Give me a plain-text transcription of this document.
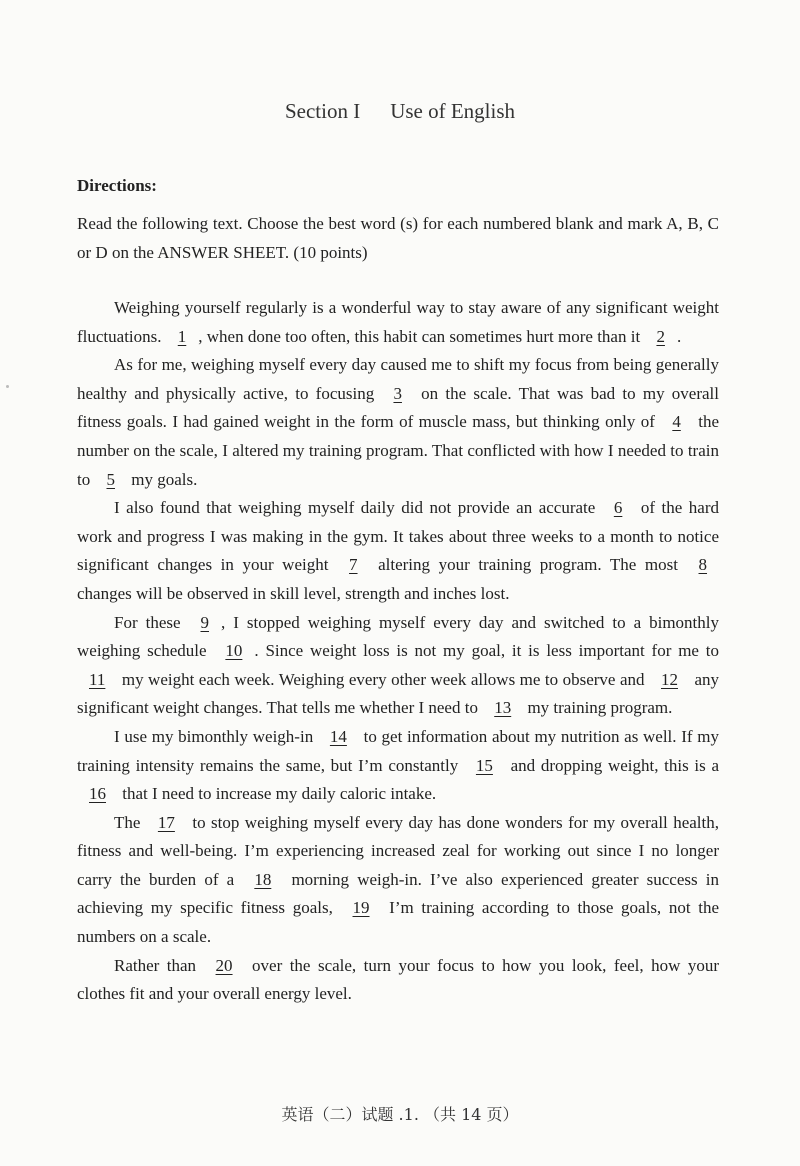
Section I Use of English
Directions:
Read the following text. Choose the best word (s) for each numbered blank and mark A, B, C or D on the ANSWER SHEET. (10 points)

Weighing yourself regularly is a wonderful way to stay aware of any significant weight fluctuations. 1 , when done too often, this habit can sometimes hurt more than it 2 .

As for me, weighing myself every day caused me to shift my focus from being generally healthy and physically active, to focusing 3 on the scale. That was bad to my overall fitness goals. I had gained weight in the form of muscle mass, but thinking only of 4 the number on the scale, I altered my training program. That conflicted with how I needed to train to 5 my goals.

I also found that weighing myself daily did not provide an accurate 6 of the hard work and progress I was making in the gym. It takes about three weeks to a month to notice significant changes in your weight 7 altering your training program. The most 8 changes will be observed in skill level, strength and inches lost.

For these 9 , I stopped weighing myself every day and switched to a bimonthly weighing schedule 10 . Since weight loss is not my goal, it is less important for me to 11 my weight each week. Weighing every other week allows me to observe and 12 any significant weight changes. That tells me whether I need to 13 my training program.

I use my bimonthly weigh-in 14 to get information about my nutrition as well. If my training intensity remains the same, but I’m constantly 15 and dropping weight, this is a 16 that I need to increase my daily caloric intake.

The 17 to stop weighing myself every day has done wonders for my overall health, fitness and well-being. I’m experiencing increased zeal for working out since I no longer carry the burden of a 18 morning weigh-in. I’ve also experienced greater success in achieving my specific fitness goals, 19 I’m training according to those goals, not the numbers on a scale.

Rather than 20 over the scale, turn your focus to how you look, feel, how your clothes fit and your overall energy level.

英语（二）试题 .1. （共 14 页）
